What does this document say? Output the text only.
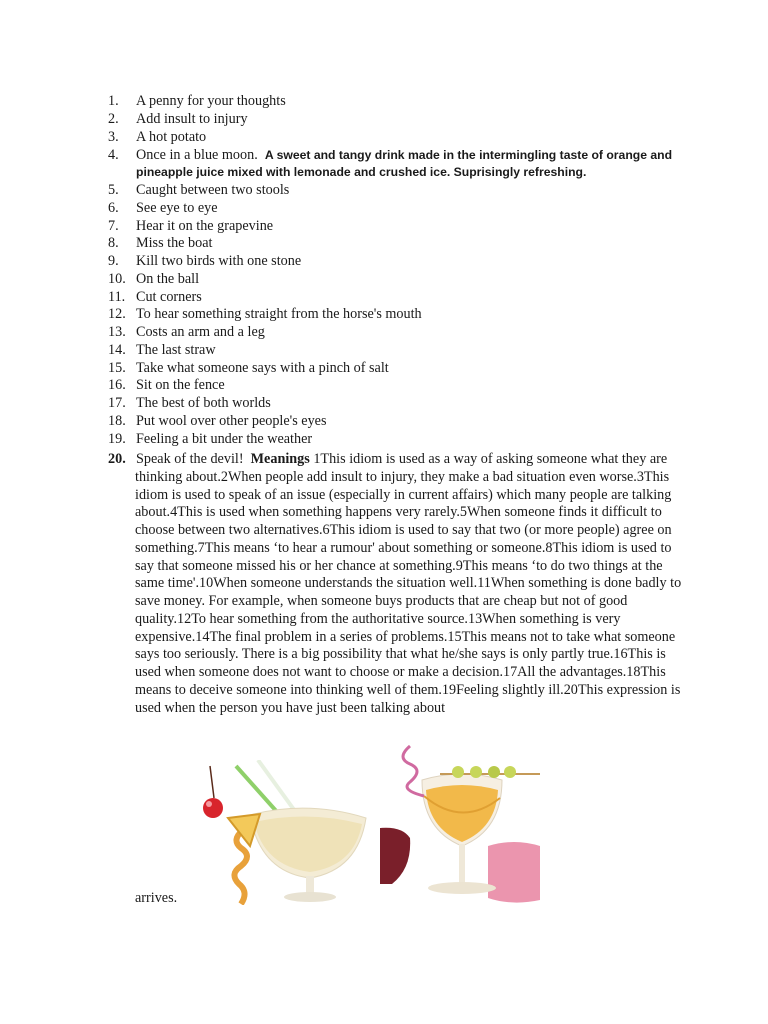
1. A penny for your thoughts
2. Add insult to injury
3. A hot potato
4. Once in a blue moon. A sweet and tangy drink made in the intermingling taste of orange and
pineapple juice mixed with lemonade and crushed ice. Suprisingly refreshing.
5. Caught between two stools
6. See eye to eye
7. Hear it on the grapevine
8. Miss the boat
9. Kill two birds with one stone
10. On the ball
11. Cut corners
12. To hear something straight from the horse's mouth
13. Costs an arm and a leg
14. The last straw
15. Take what someone says with a pinch of salt
16. Sit on the fence
17. The best of both worlds
18. Put wool over other people's eyes
19. Feeling a bit under the weather
20. Speak of the devil! Meanings 1This idiom is used as a way of asking someone what they are thinking about.2When people add insult to injury, they make a bad situation even worse.3This idiom is used to speak of an issue (especially in current affairs) which many people are talking about.4This is used when something happens very rarely.5When someone finds it difficult to choose between two alternatives.6This idiom is used to say that two (or more people) agree on something.7This means ‘to hear a rumour' about something or someone.8This idiom is used to say that someone missed his or her chance at something.9This means ‘to do two things at the same time'.10When someone understands the situation well.11When something is done badly to save money. For example, when someone buys products that are cheap but not of good quality.12To hear something from the authoritative source.13When something is very expensive.14The final problem in a series of problems.15This means not to take what someone says too seriously. There is a big possibility that what he/she says is only partly true.16This is used when someone does not want to choose or make a decision.17All the advantages.18This means to deceive someone into thinking well of them.19Feeling slightly ill.20This expression is used when the person you have just been talking about
arrives.
